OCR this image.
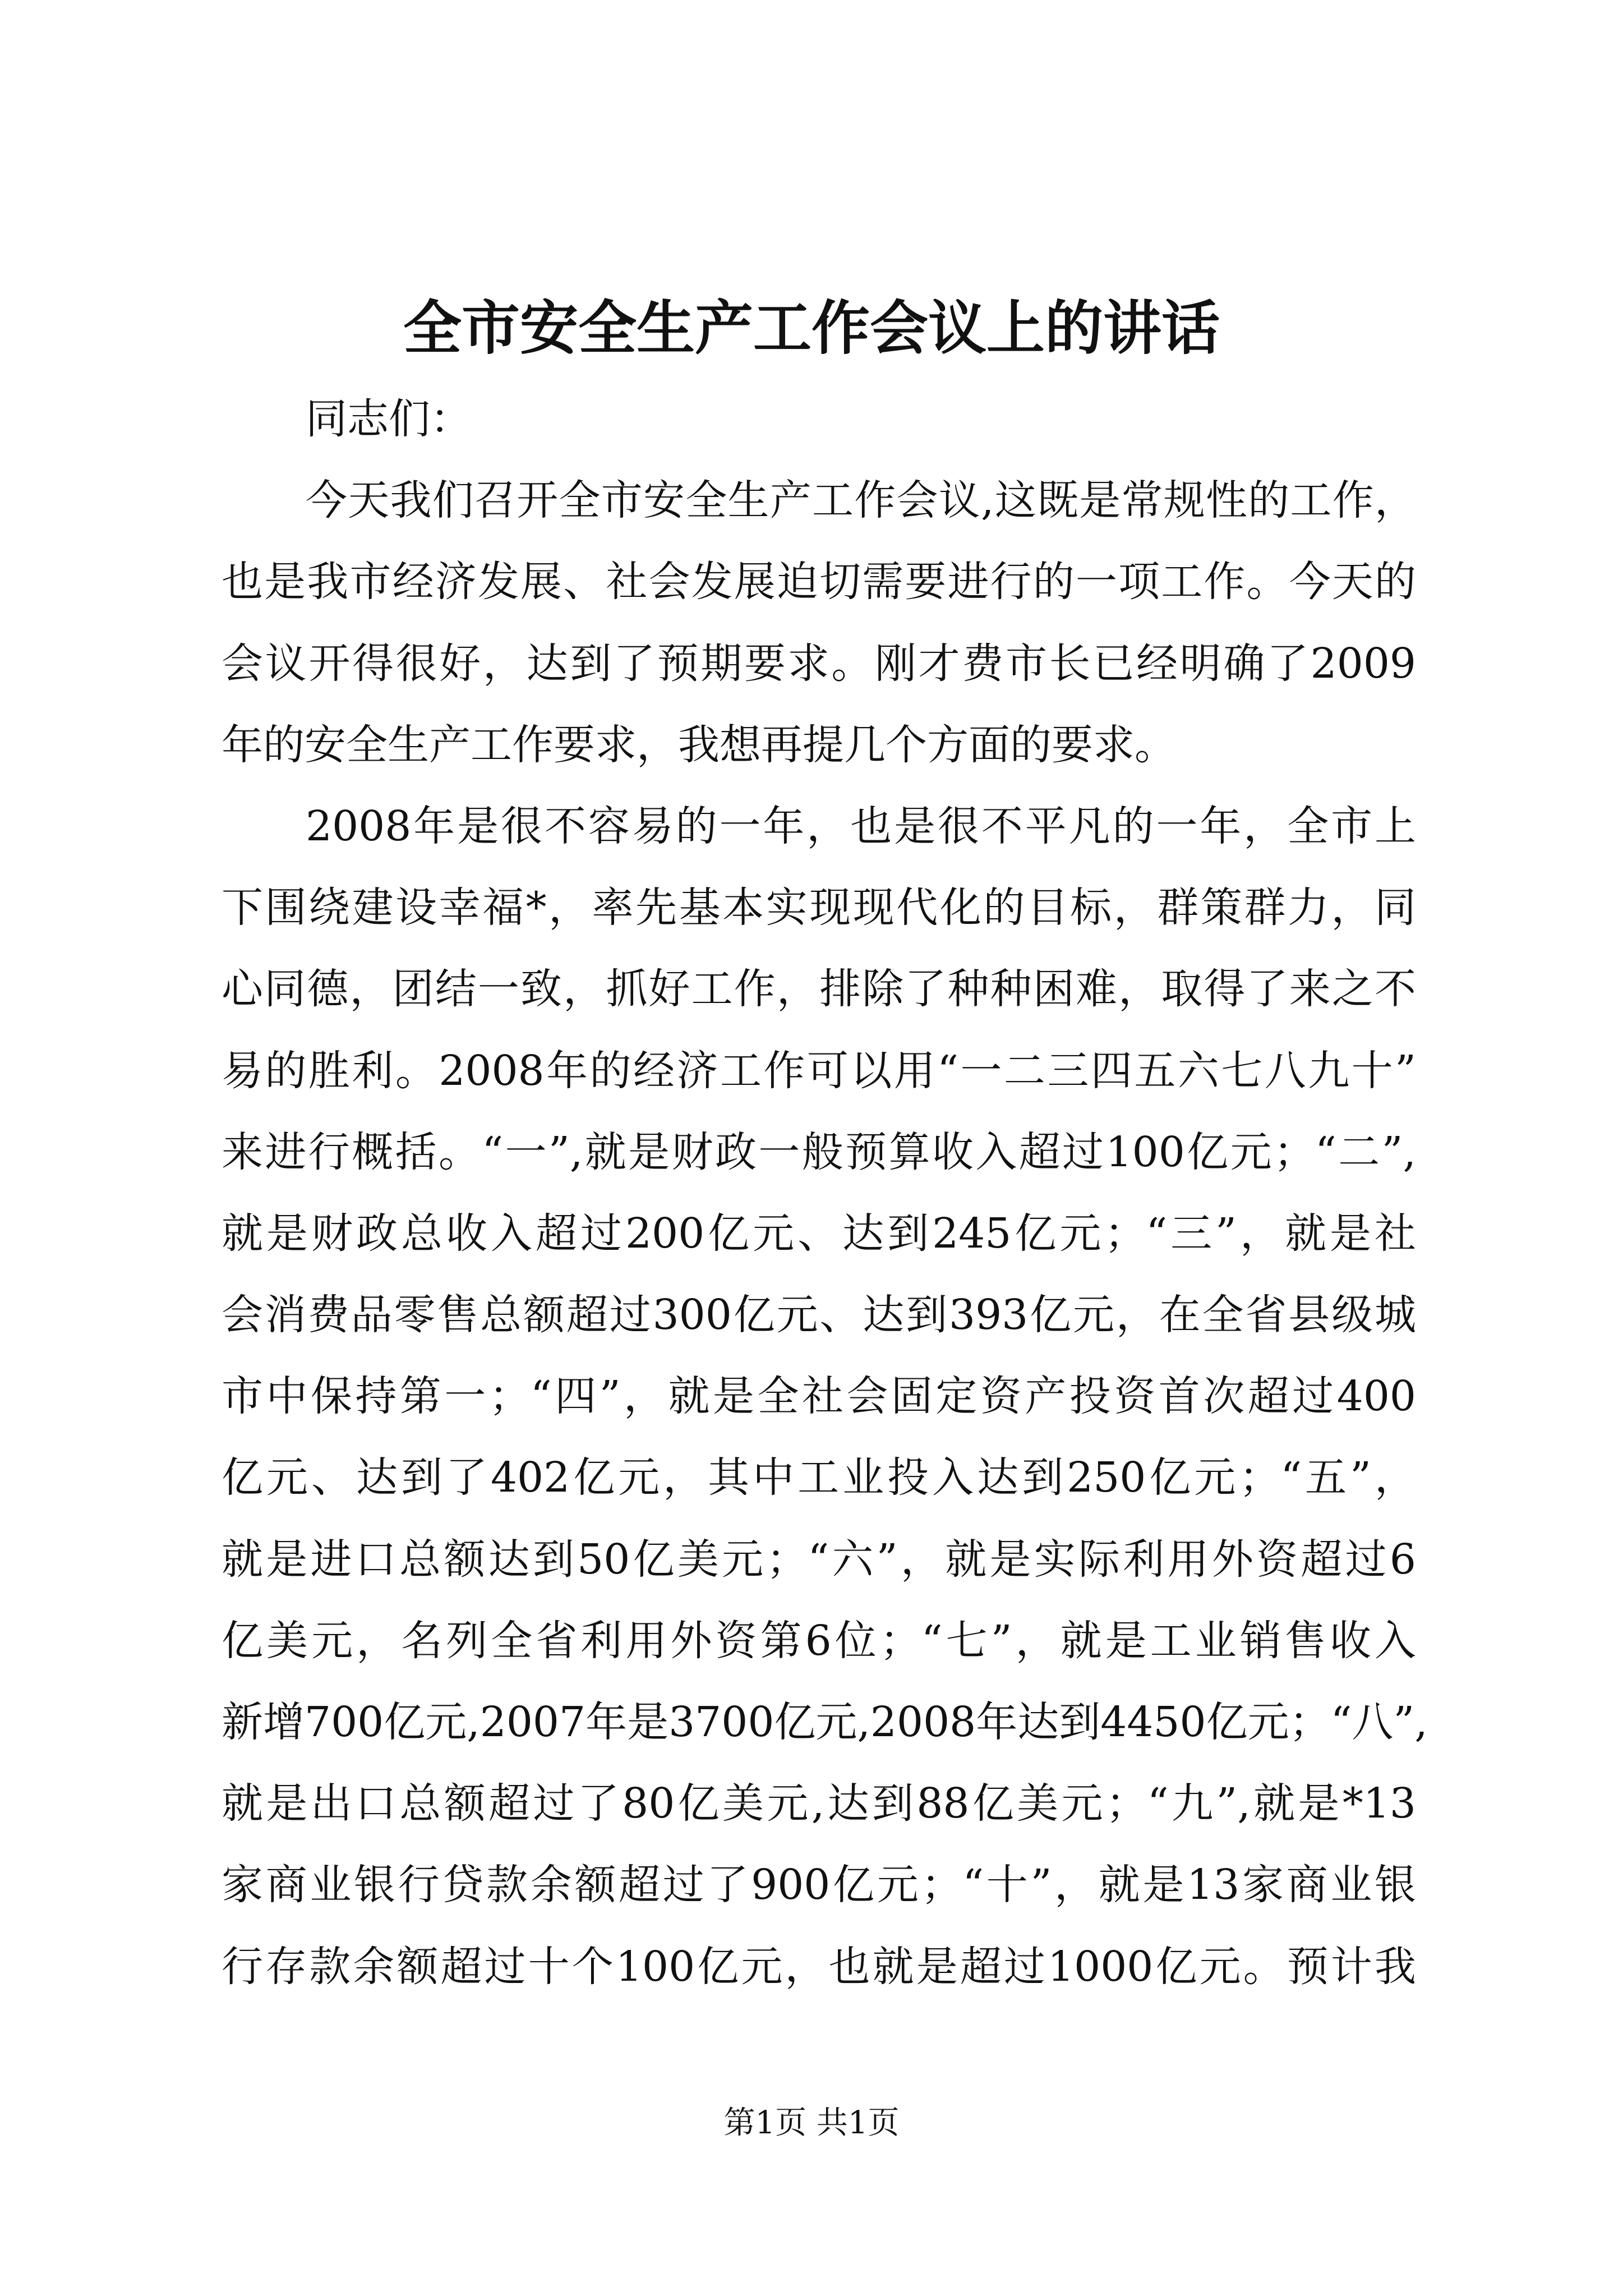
全市安全生产工作会议上的讲话
同志们：
今天我们召开全市安全生产工作会议,这既是常规性的工作，
也是我市经济发展、社会发展迫切需要进行的一项工作。今天的
会议开得很好，达到了预期要求。刚才费市长已经明确了2009
年的安全生产工作要求，我想再提几个方面的要求。
2008年是很不容易的一年，也是很不平凡的一年，全市上
下围绕建设幸福*，率先基本实现现代化的目标，群策群力，同
心同德，团结一致，抓好工作，排除了种种困难，取得了来之不
易的胜利。2008年的经济工作可以用“一二三四五六七八九十”
来进行概括。“一”,就是财政一般预算收入超过100亿元；“二”,
就是财政总收入超过200亿元、达到245亿元；“三”，就是社
会消费品零售总额超过300亿元、达到393亿元，在全省县级城
市中保持第一；“四”，就是全社会固定资产投资首次超过400
亿元、达到了402亿元，其中工业投入达到250亿元；“五”，
就是进口总额达到50亿美元；“六”，就是实际利用外资超过6
亿美元，名列全省利用外资第6位；“七”，就是工业销售收入
新增700亿元,2007年是3700亿元,2008年达到4450亿元；“八”,
就是出口总额超过了80亿美元,达到88亿美元；“九”,就是*13
家商业银行贷款余额超过了900亿元；“十”，就是13家商业银
行存款余额超过十个100亿元，也就是超过1000亿元。预计我
第1页 共1页
